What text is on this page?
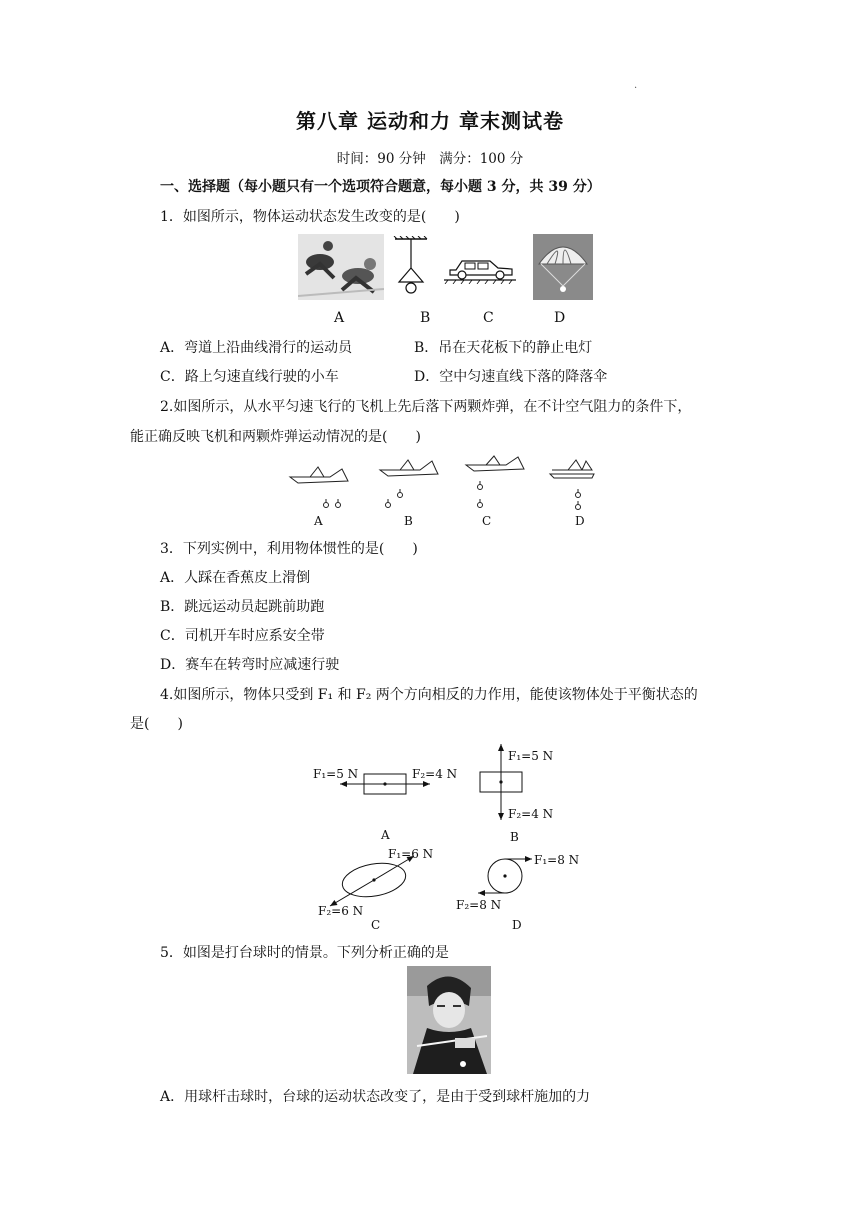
.
第八章 运动和力 章末测试卷
时间：90 分钟　满分：100 分
一、选择题（每小题只有一个选项符合题意，每小题 3 分，共 39 分）
1．如图所示，物体运动状态发生改变的是(　　)
A	B	C	D
A．弯道上沿曲线滑行的运动员	B．吊在天花板下的静止电灯
C．路上匀速直线行驶的小车	D．空中匀速直线下落的降落伞
2.如图所示，从水平匀速飞行的飞机上先后落下两颗炸弹，在不计空气阻力的条件下，
能正确反映飞机和两颗炸弹运动情况的是(　　)
A	B	C	D
3．下列实例中，利用物体惯性的是(　　)
A．人踩在香蕉皮上滑倒
B．跳远运动员起跳前助跑
C．司机开车时应系安全带
D．赛车在转弯时应减速行驶
4.如图所示，物体只受到 F₁ 和 F₂ 两个方向相反的力作用，能使该物体处于平衡状态的
是(　　)
F₁=5 N	F₂=4 N
A
F₁=5 N
F₂=4 N
B
F₁=6 N
F₂=6 N
C
F₁=8 N
F₂=8 N
D
5．如图是打台球时的情景。下列分析正确的是
A．用球杆击球时，台球的运动状态改变了，是由于受到球杆施加的力
